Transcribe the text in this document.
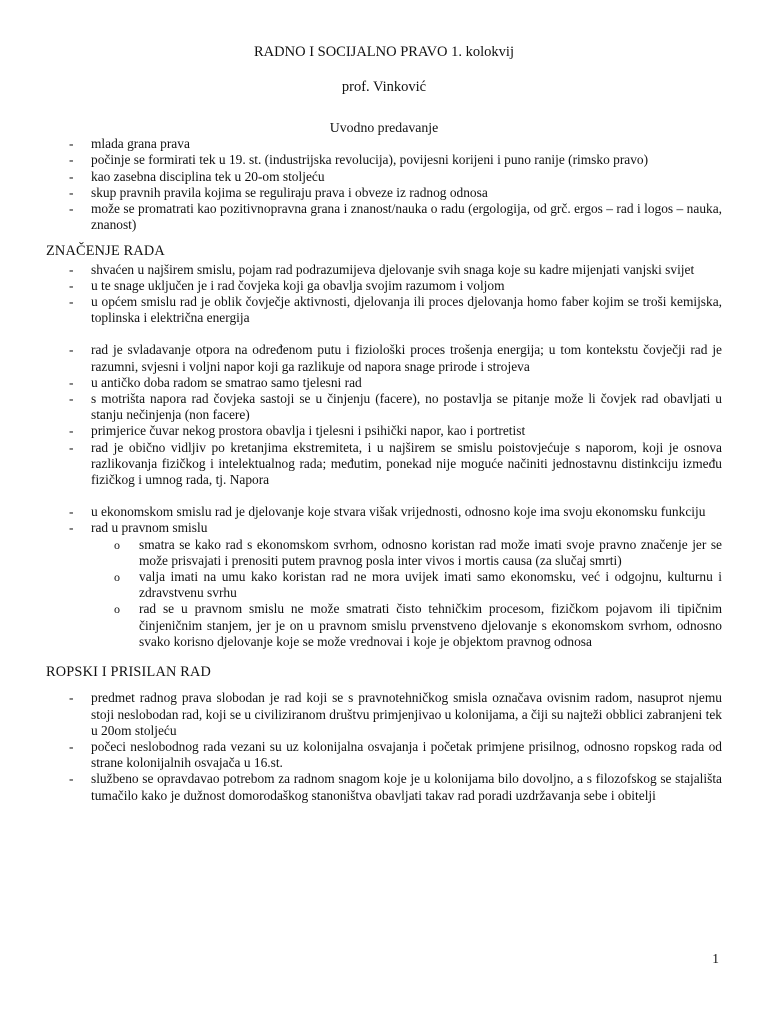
RADNO I SOCIJALNO PRAVO 1. kolokvij
prof. Vinković
Uvodno predavanje
- mlada grana prava
- počinje se formirati tek u 19. st. (industrijska revolucija), povijesni korijeni i puno ranije (rimsko pravo)
- kao zasebna disciplina tek u 20-om stoljeću
- skup pravnih pravila kojima se reguliraju prava i obveze iz radnog odnosa
- može se promatrati kao pozitivnopravna grana i znanost/nauka o radu (ergologija, od grč. ergos – rad i logos – nauka, znanost)
ZNAČENJE RADA
- shvaćen u najširem smislu, pojam rad podrazumijeva djelovanje svih snaga koje su kadre mijenjati vanjski svijet
- u te snage uključen je i rad čovjeka koji ga obavlja svojim razumom i voljom
- u općem smislu rad je oblik čovječje aktivnosti, djelovanja ili proces djelovanja homo faber kojim se troši kemijska, toplinska i električna energija
- rad je svladavanje otpora na određenom putu i fiziološki proces trošenja energija; u tom kontekstu čovječji rad je razumni, svjesni i voljni napor koji ga razlikuje od napora snage prirode i strojeva
- u antičko doba radom se smatrao samo tjelesni rad
- s motrišta napora rad čovjeka sastoji se u činjenju (facere), no postavlja se pitanje može li čovjek rad obavljati u stanju nečinjenja (non facere)
- primjerice čuvar nekog prostora obavlja i tjelesni i psihički napor, kao i portretist
- rad je obično vidljiv po kretanjima ekstremiteta, i u najširem se smislu poistovjećuje s naporom, koji je osnova razlikovanja fizičkog i intelektualnog rada; međutim, ponekad nije moguće načiniti jednostavnu distinkciju između fizičkog i umnog rada, tj. Napora
- u ekonomskom smislu rad je djelovanje koje stvara višak vrijednosti, odnosno koje ima svoju ekonomsku funkciju
- rad u pravnom smislu
o smatra se kako rad s ekonomskom svrhom, odnosno koristan rad može imati svoje pravno značenje jer se može prisvajati i prenositi putem pravnog posla inter vivos i mortis causa (za slučaj smrti)
o valja imati na umu kako koristan rad ne mora uvijek imati samo ekonomsku, već i odgojnu, kulturnu i zdravstvenu svrhu
o rad se u pravnom smislu ne može smatrati čisto tehničkim procesom, fizičkom pojavom ili tipičnim činjeničnim stanjem, jer je on u pravnom smislu prvenstveno djelovanje s ekonomskom svrhom, odnosno svako korisno djelovanje koje se može vrednovai i koje je objektom pravnog odnosa
ROPSKI I PRISILAN RAD
- predmet radnog prava slobodan je rad koji se s pravnotehničkog smisla označava ovisnim radom, nasuprot njemu stoji neslobodan rad, koji se u civiliziranom društvu primjenjivao u kolonijama, a čiji su najteži obblici zabranjeni tek u 20om stoljeću
- počeci neslobodnog rada vezani su uz kolonijalna osvajanja i početak primjene prisilnog, odnosno ropskog rada od strane kolonijalnih osvajača u 16.st.
- službeno se opravdavao potrebom za radnom snagom koje je u kolonijama bilo dovoljno, a s filozofskog se stajališta tumačilo kako je dužnost domorodaškog stanoništva obavljati takav rad poradi uzdržavanja sebe i obitelji
1
